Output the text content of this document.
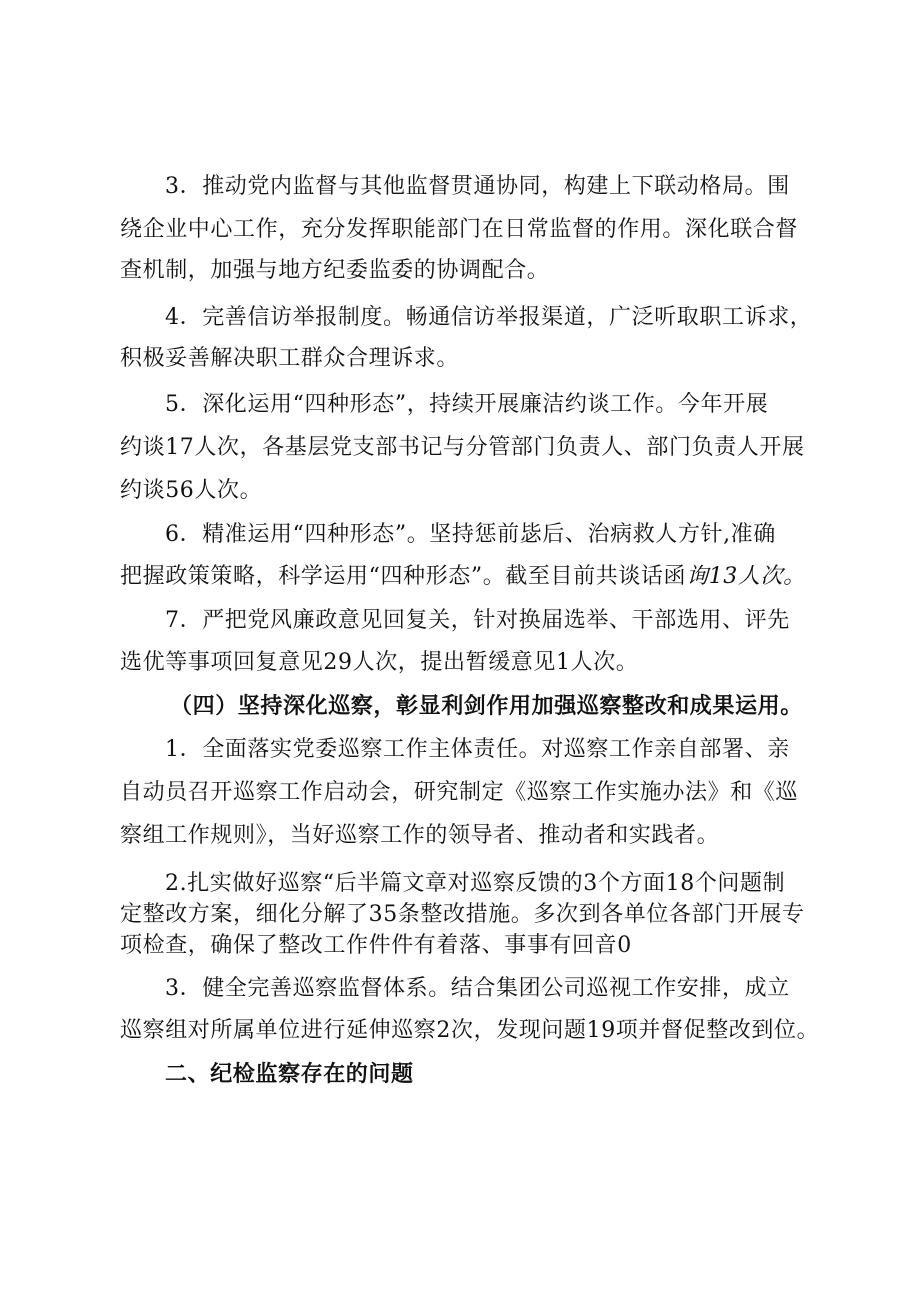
3．推动党内监督与其他监督贯通协同，构建上下联动格局。围
绕企业中心工作，充分发挥职能部门在日常监督的作用。深化联合督
查机制，加强与地方纪委监委的协调配合。
4．完善信访举报制度。畅通信访举报渠道，广泛听取职工诉求，
积极妥善解决职工群众合理诉求。
5．深化运用“四种形态”，持续开展廉洁约谈工作。今年开展
约谈17人次，各基层党支部书记与分管部门负责人、部门负责人开展
约谈56人次。
6．精准运用“四种形态”。坚持惩前毖后、治病救人方针,准确
把握政策策略，科学运用“四种形态”。截至目前共谈话函询13人次。
7．严把党风廉政意见回复关，针对换届选举、干部选用、评先
选优等事项回复意见29人次，提出暂缓意见1人次。
（四）坚持深化巡察，彰显利剑作用加强巡察整改和成果运用。
1．全面落实党委巡察工作主体责任。对巡察工作亲自部署、亲
自动员召开巡察工作启动会，研究制定《巡察工作实施办法》和《巡
察组工作规则》，当好巡察工作的领导者、推动者和实践者。
2.扎实做好巡察“后半篇文章对巡察反馈的3个方面18个问题制
定整改方案，细化分解了35条整改措施。多次到各单位各部门开展专
项检查，确保了整改工作件件有着落、事事有回音0
3．健全完善巡察监督体系。结合集团公司巡视工作安排，成立
巡察组对所属单位进行延伸巡察2次，发现问题19项并督促整改到位。
二、纪检监察存在的问题
